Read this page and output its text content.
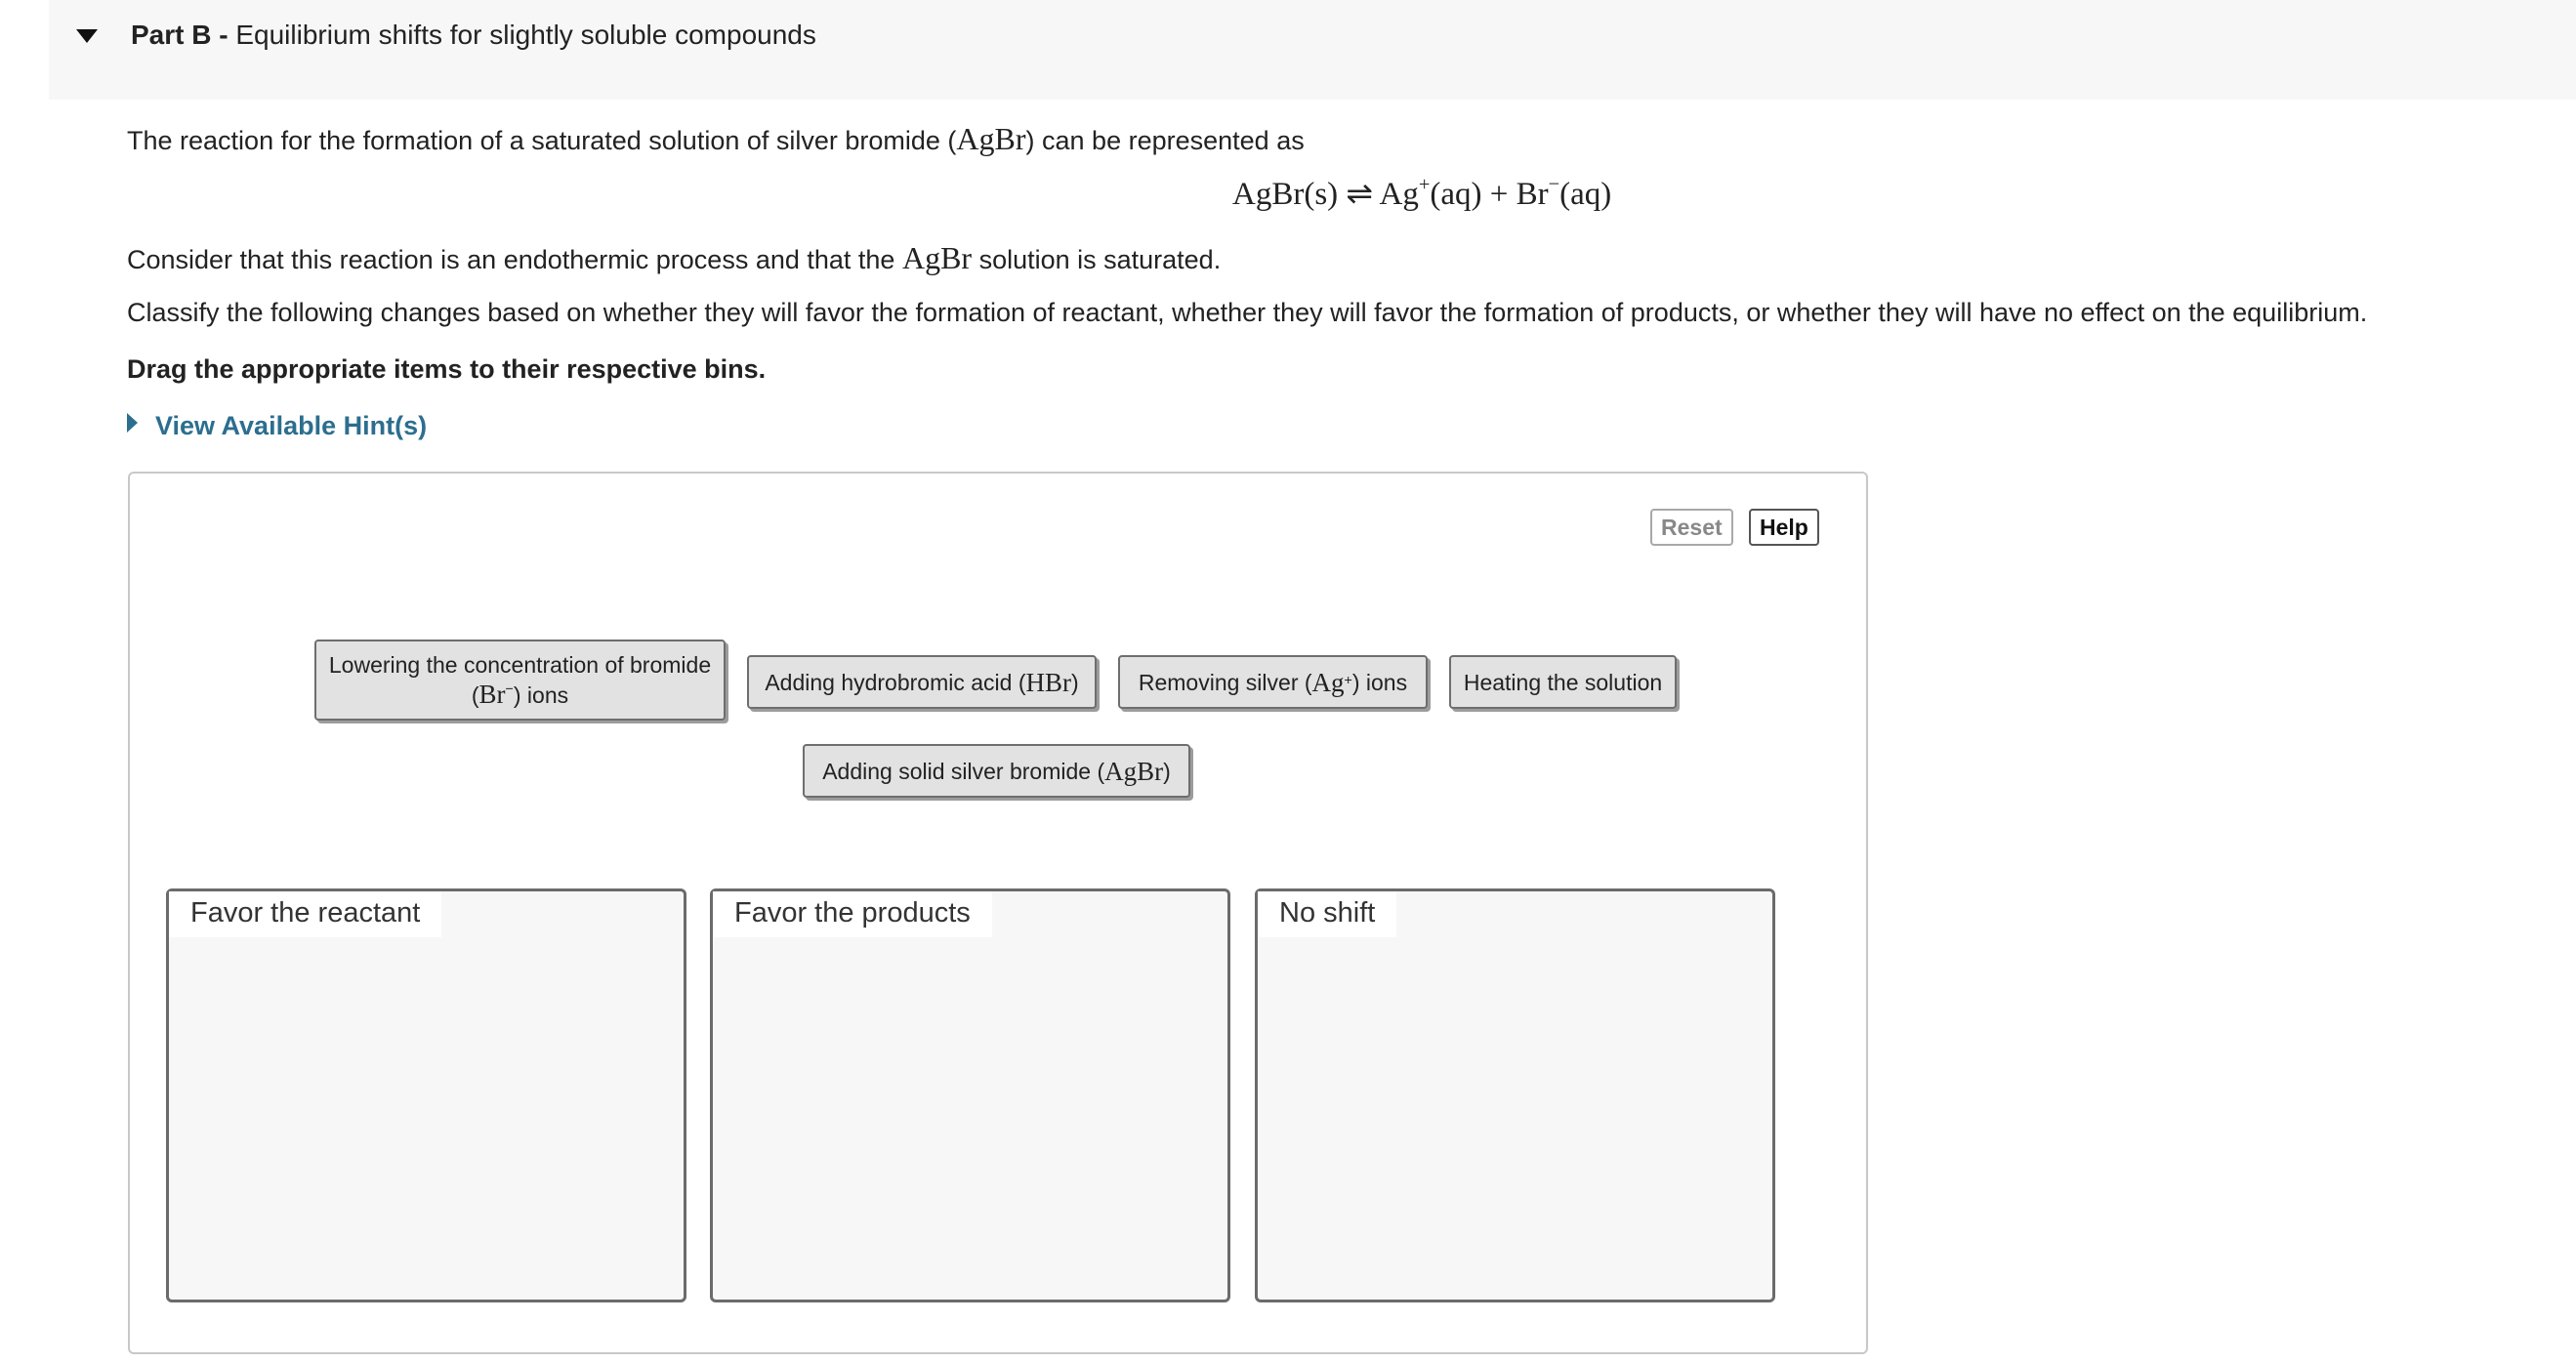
Part B - Equilibrium shifts for slightly soluble compounds
The reaction for the formation of a saturated solution of silver bromide (AgBr) can be represented as
AgBr(s) ⇌ Ag+(aq) + Br−(aq)
Consider that this reaction is an endothermic process and that the AgBr solution is saturated.
Classify the following changes based on whether they will favor the formation of reactant, whether they will favor the formation of products, or whether they will have no effect on the equilibrium.
Drag the appropriate items to their respective bins.
View Available Hint(s)
Reset	Help
Lowering the concentration of bromide
(Br−) ions
Adding hydrobromic acid ( HBr )	Removing silver ( Ag+ ) ions	Heating the solution
Adding solid silver bromide ( AgBr )
Favor the reactant	Favor the products	No shift
